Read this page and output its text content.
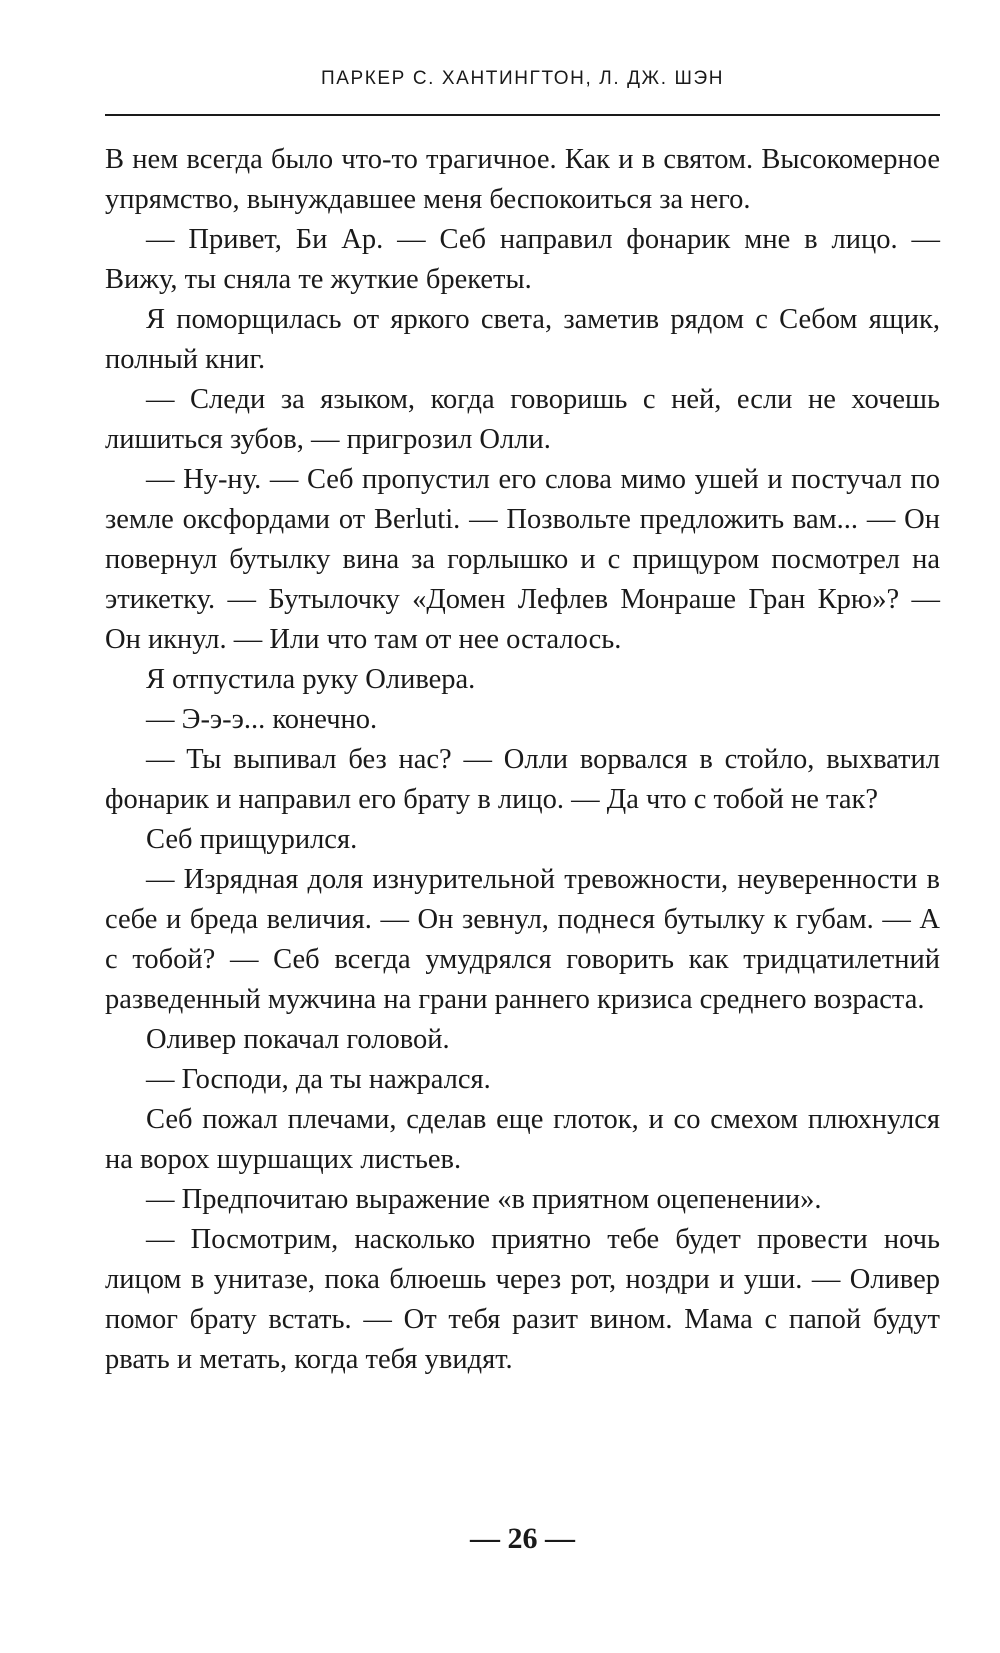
ПАРКЕР С. ХАНТИНГТОН, Л. ДЖ. ШЭН

В нем всегда было что-то трагичное. Как и в святом. Высокомерное упрямство, вынуждавшее меня беспокоиться за него.

— Привет, Би Ар. — Себ направил фонарик мне в лицо. — Вижу, ты сняла те жуткие брекеты.

Я поморщилась от яркого света, заметив рядом с Себом ящик, полный книг.

— Следи за языком, когда говоришь с ней, если не хочешь лишиться зубов, — пригрозил Олли.

— Ну-ну. — Себ пропустил его слова мимо ушей и постучал по земле оксфордами от Berluti. — Позвольте предложить вам... — Он повернул бутылку вина за горлышко и с прищуром посмотрел на этикетку. — Бутылочку «Домен Лефлев Монраше Гран Крю»? — Он икнул. — Или что там от нее осталось.

Я отпустила руку Оливера.

— Э-э-э... конечно.

— Ты выпивал без нас? — Олли ворвался в стойло, выхватил фонарик и направил его брату в лицо. — Да что с тобой не так?

Себ прищурился.

— Изрядная доля изнурительной тревожности, неуверенности в себе и бреда величия. — Он зевнул, поднеся бутылку к губам. — А с тобой? — Себ всегда умудрялся говорить как тридцатилетний разведенный мужчина на грани раннего кризиса среднего возраста.

Оливер покачал головой.

— Господи, да ты нажрался.

Себ пожал плечами, сделав еще глоток, и со смехом плюхнулся на ворох шуршащих листьев.

— Предпочитаю выражение «в приятном оцепенении».

— Посмотрим, насколько приятно тебе будет провести ночь лицом в унитазе, пока блюешь через рот, ноздри и уши. — Оливер помог брату встать. — От тебя разит вином. Мама с папой будут рвать и метать, когда тебя увидят.

— 26 —
